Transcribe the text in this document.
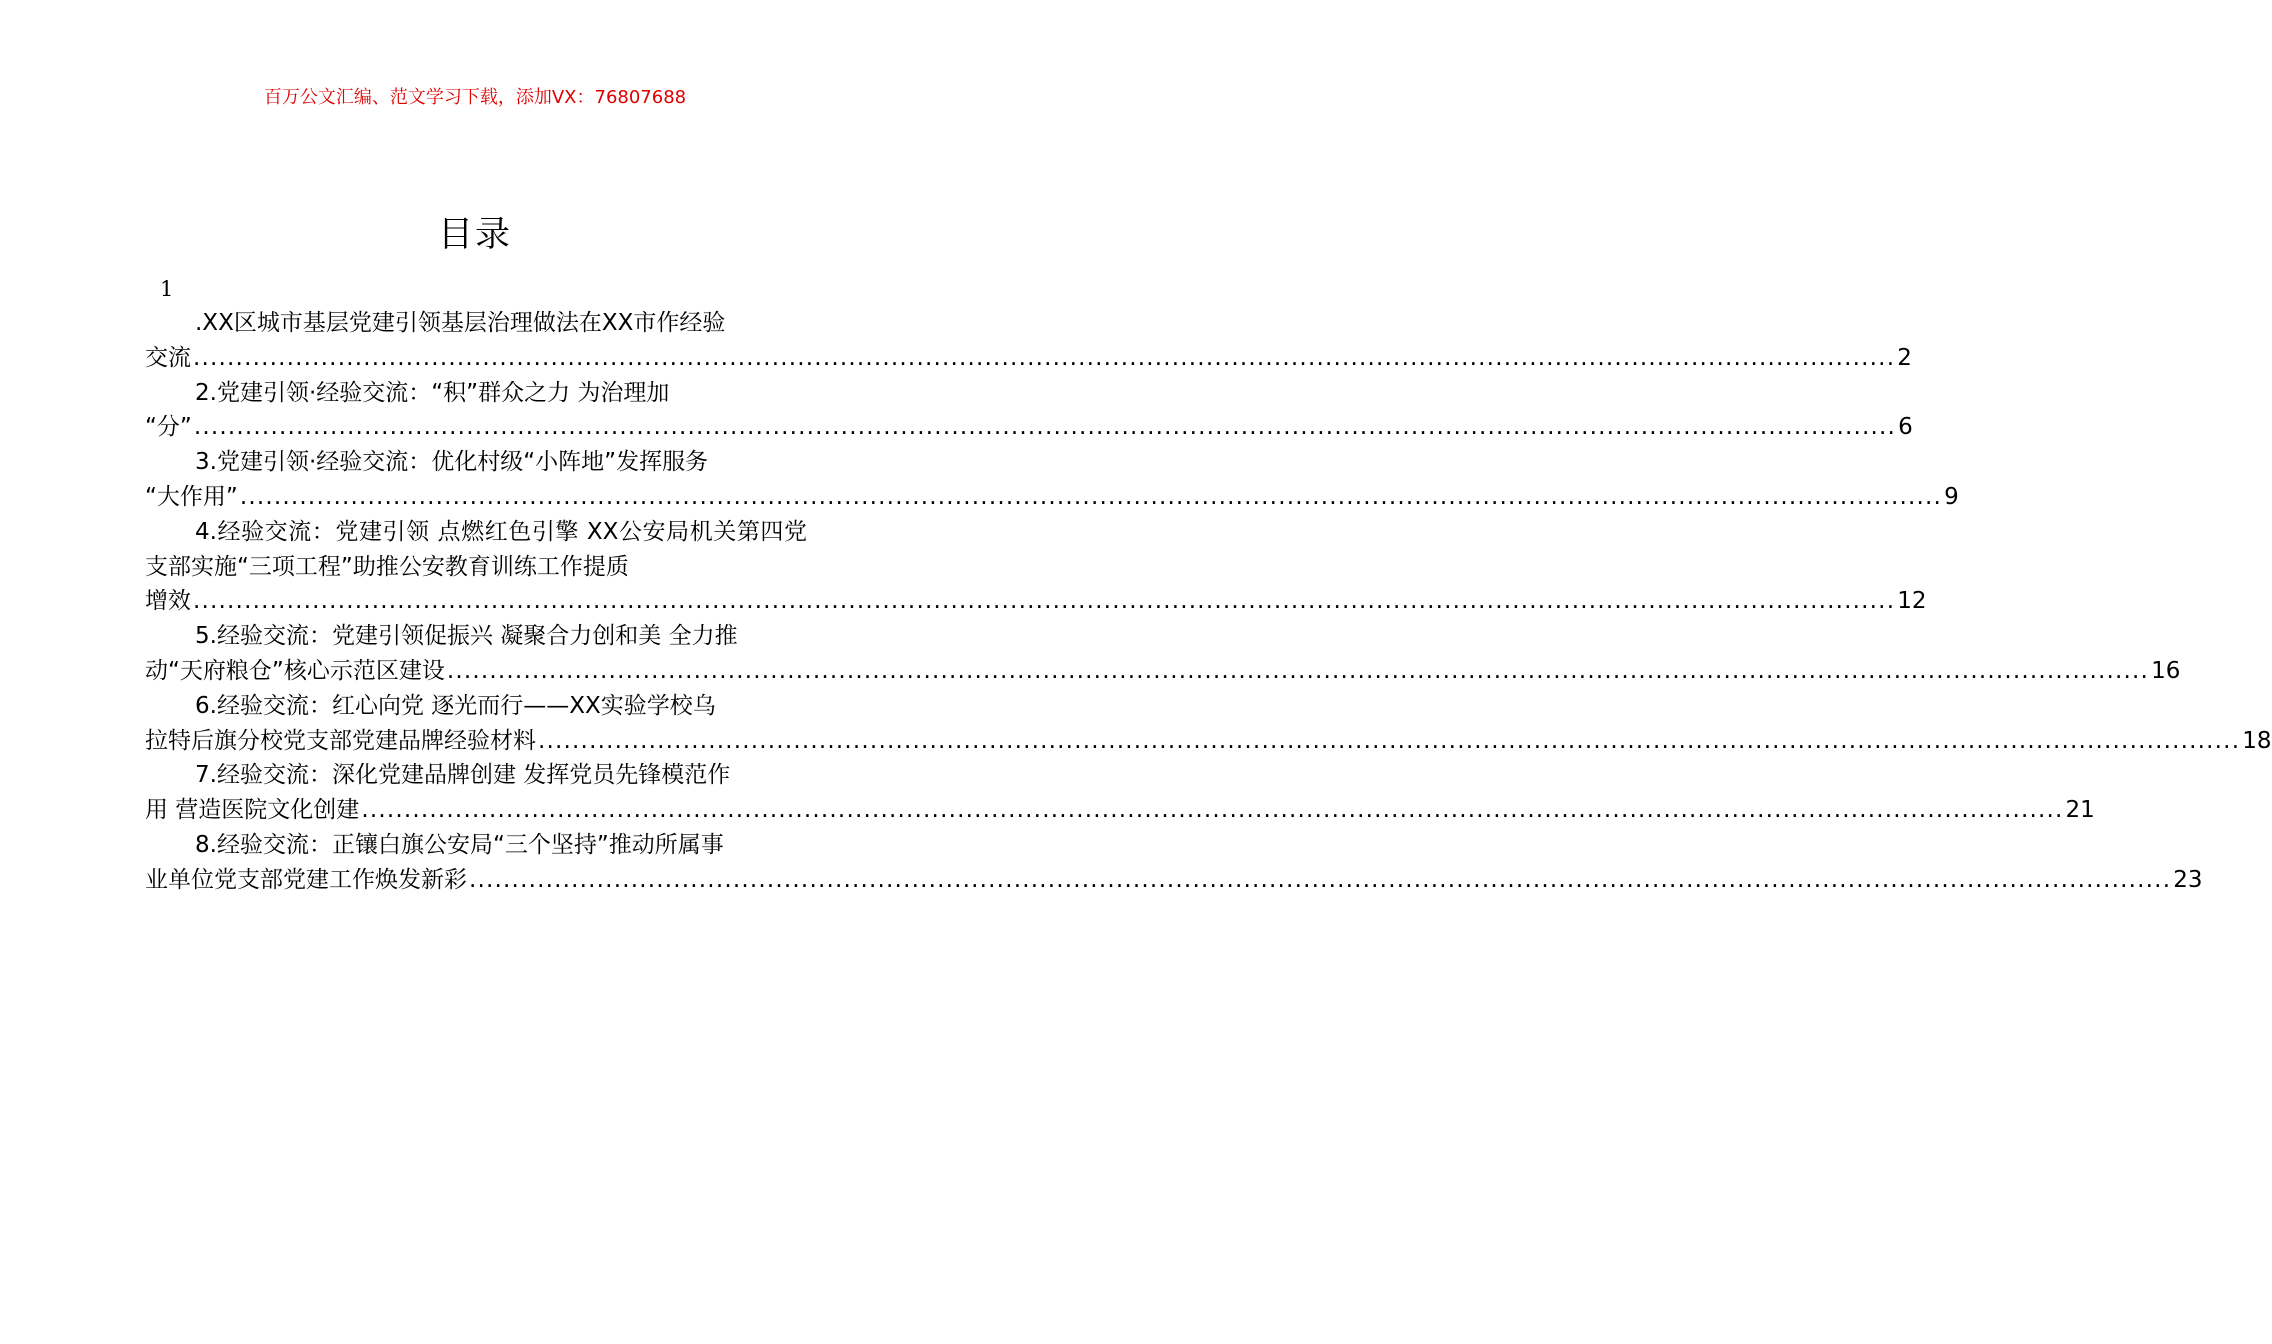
百万公文汇编、范文学习下载，添加VX：76807688
目录
1
.XX区城市基层党建引领基层治理做法在XX市作经验
交流 ........................................................................................................................................................................................................ 2
2.党建引领·经验交流：“积”群众之力 为治理加
“分” ........................................................................................................................................................................................................ 6
3.党建引领·经验交流：优化村级“小阵地”发挥服务
“大作用” ........................................................................................................................................................................................................ 9
4.经验交流：党建引领 点燃红色引擎 XX公安局机关第四党支部实施“三项工程”助推公安教育训练工作提质
增效 ........................................................................................................................................................................................................ 12
5.经验交流：党建引领促振兴 凝聚合力创和美 全力推
动“天府粮仓”核心示范区建设 ........................................................................................................................................................................................................ 16
6.经验交流：红心向党 逐光而行——XX实验学校乌
拉特后旗分校党支部党建品牌经验材料 ........................................................................................................................................................................................................ 18
7.经验交流：深化党建品牌创建 发挥党员先锋模范作
用 营造医院文化创建 ........................................................................................................................................................................................................ 21
8.经验交流：正镶白旗公安局“三个坚持”推动所属事
业单位党支部党建工作焕发新彩 ........................................................................................................................................................................................................ 23
